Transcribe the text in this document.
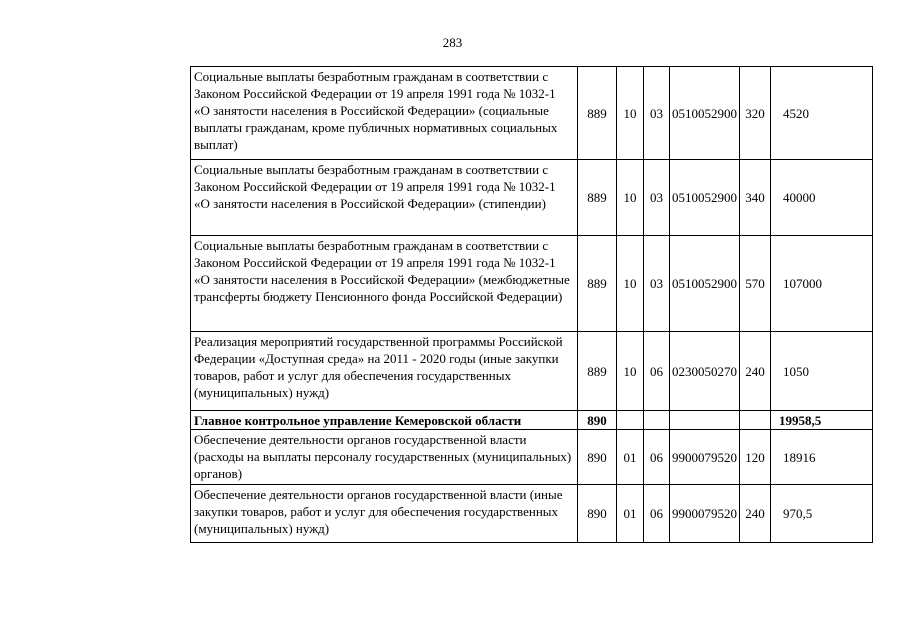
283
Социальные выплаты безработным гражданам в соответствии с Законом Российской Федерации от 19 апреля 1991 года № 1032-1 «О занятости населения в Российской Федерации» (социальные выплаты гражданам, кроме публичных нормативных социальных выплат)	889	10	03	0510052900	320	4520
Социальные выплаты безработным гражданам в соответствии с Законом Российской Федерации от 19 апреля 1991 года № 1032-1 «О занятости населения в Российской Федерации» (стипендии)	889	10	03	0510052900	340	40000
Социальные выплаты безработным гражданам в соответствии с Законом Российской Федерации от 19 апреля 1991 года № 1032-1 «О занятости населения в Российской Федерации» (межбюджетные трансферты бюджету Пенсионного фонда Российской Федерации)	889	10	03	0510052900	570	107000
Реализация мероприятий государственной программы Российской Федерации «Доступная среда» на 2011 - 2020 годы (иные закупки товаров, работ и услуг для обеспечения государственных (муниципальных) нужд)	889	10	06	0230050270	240	1050
Главное контрольное управление Кемеровской области	890					19958,5
Обеспечение деятельности органов государственной власти (расходы на выплаты персоналу государственных (муниципальных) органов)	890	01	06	9900079520	120	18916
Обеспечение деятельности органов государственной власти (иные закупки товаров, работ и услуг для обеспечения государственных (муниципальных) нужд)	890	01	06	9900079520	240	970,5
